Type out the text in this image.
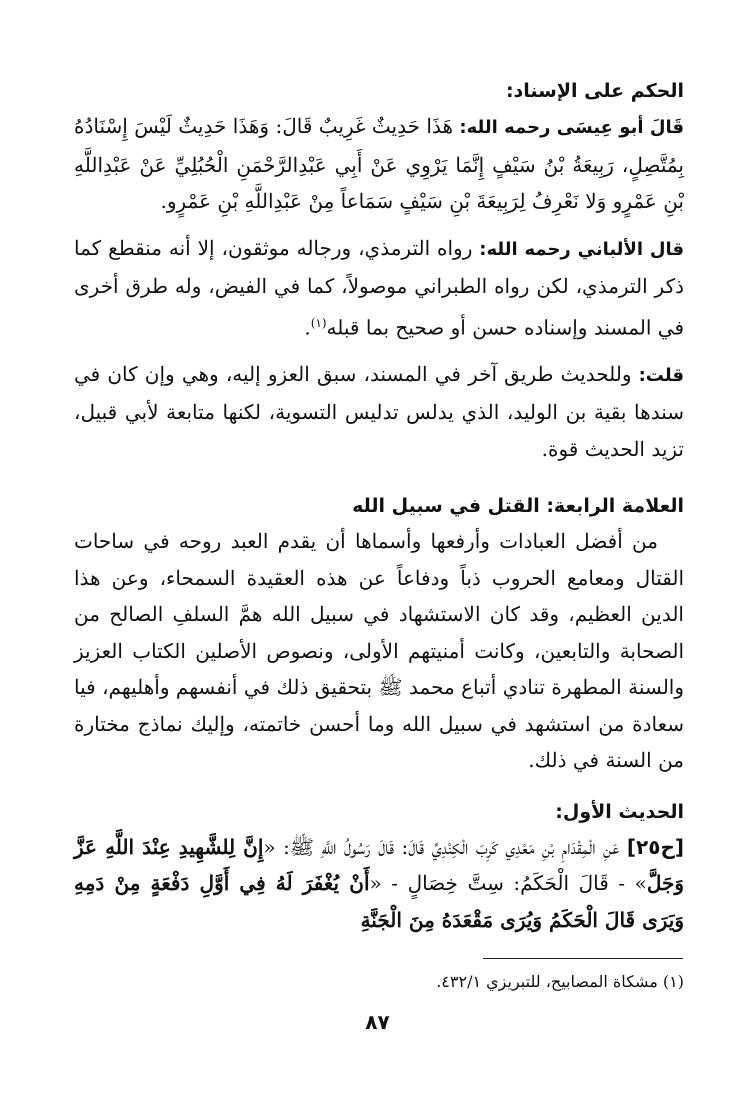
الحكم على الإسناد:

قَالَ أبو عِيسَى رحمه الله: هَذَا حَدِيثٌ غَرِيبٌ قَالَ: وَهَذَا حَدِيثٌ لَيْسَ إِسْنَادُهُ بِمُتَّصِلٍ، رَبِيعَةُ بْنُ سَيْفٍ إِنَّمَا يَرْوِي عَنْ أَبِي عَبْدِالرَّحْمَنِ الْحُبُلِيِّ عَنْ عَبْدِاللَّهِ بْنِ عَمْرٍو وَلا نَعْرِفُ لِرَبِيعَةَ بْنِ سَيْفٍ سَمَاعاً مِنْ عَبْدِاللَّهِ بْنِ عَمْرٍو.

قال الألباني رحمه الله: رواه الترمذي، ورجاله موثقون، إلا أنه منقطع كما ذكر الترمذي، لكن رواه الطبراني موصولاً، كما في الفيض، وله طرق أخرى في المسند وإسناده حسن أو صحيح بما قبله$^{(١)}$.

قلت: وللحديث طريق آخر في المسند، سبق العزو إليه، وهي وإن كان في سندها بقية بن الوليد، الذي يدلس تدليس التسوية، لكنها متابعة لأبي قبيل، تزيد الحديث قوة.

العلامة الرابعة: القتل في سبيل الله

من أفضل العبادات وأرفعها وأسماها أن يقدم العبد روحه في ساحات القتال ومعامع الحروب ذباً ودفاعاً عن هذه العقيدة السمحاء، وعن هذا الدين العظيم، وقد كان الاستشهاد في سبيل الله همَّ السلفِ الصالح من الصحابة والتابعين، وكانت أمنيتهم الأولى، ونصوص الأصلين الكتاب العزيز والسنة المطهرة تنادي أتباع محمد ﷺ بتحقيق ذلك في أنفسهم وأهليهم، فيا سعادة من استشهد في سبيل الله وما أحسن خاتمته، وإليك نماذج مختارة من السنة في ذلك.

الحديث الأول:

[ح٢٥] عَنِ الْمِقْدَامِ بْنِ مَعْدِي كَرِبَ الْكِنْدِيِّ قَالَ: قَالَ رَسُولُ اللَّهِ ﷺ: «إِنَّ لِلشَّهِيدِ عِنْدَ اللَّهِ عَزَّ وَجَلَّ» - قَالَ الْحَكَمُ: سِتَّ خِصَالٍ - «أَنْ يُغْفَرَ لَهُ فِي أَوَّلِ دَفْعَةٍ مِنْ دَمِهِ وَيَرَى قَالَ الْحَكَمُ وَيُرَى مَقْعَدَهُ مِنَ الْجَنَّةِ

(١) مشكاة المصابيح، للتبريزي ٤٣٢/١.
٨٧
